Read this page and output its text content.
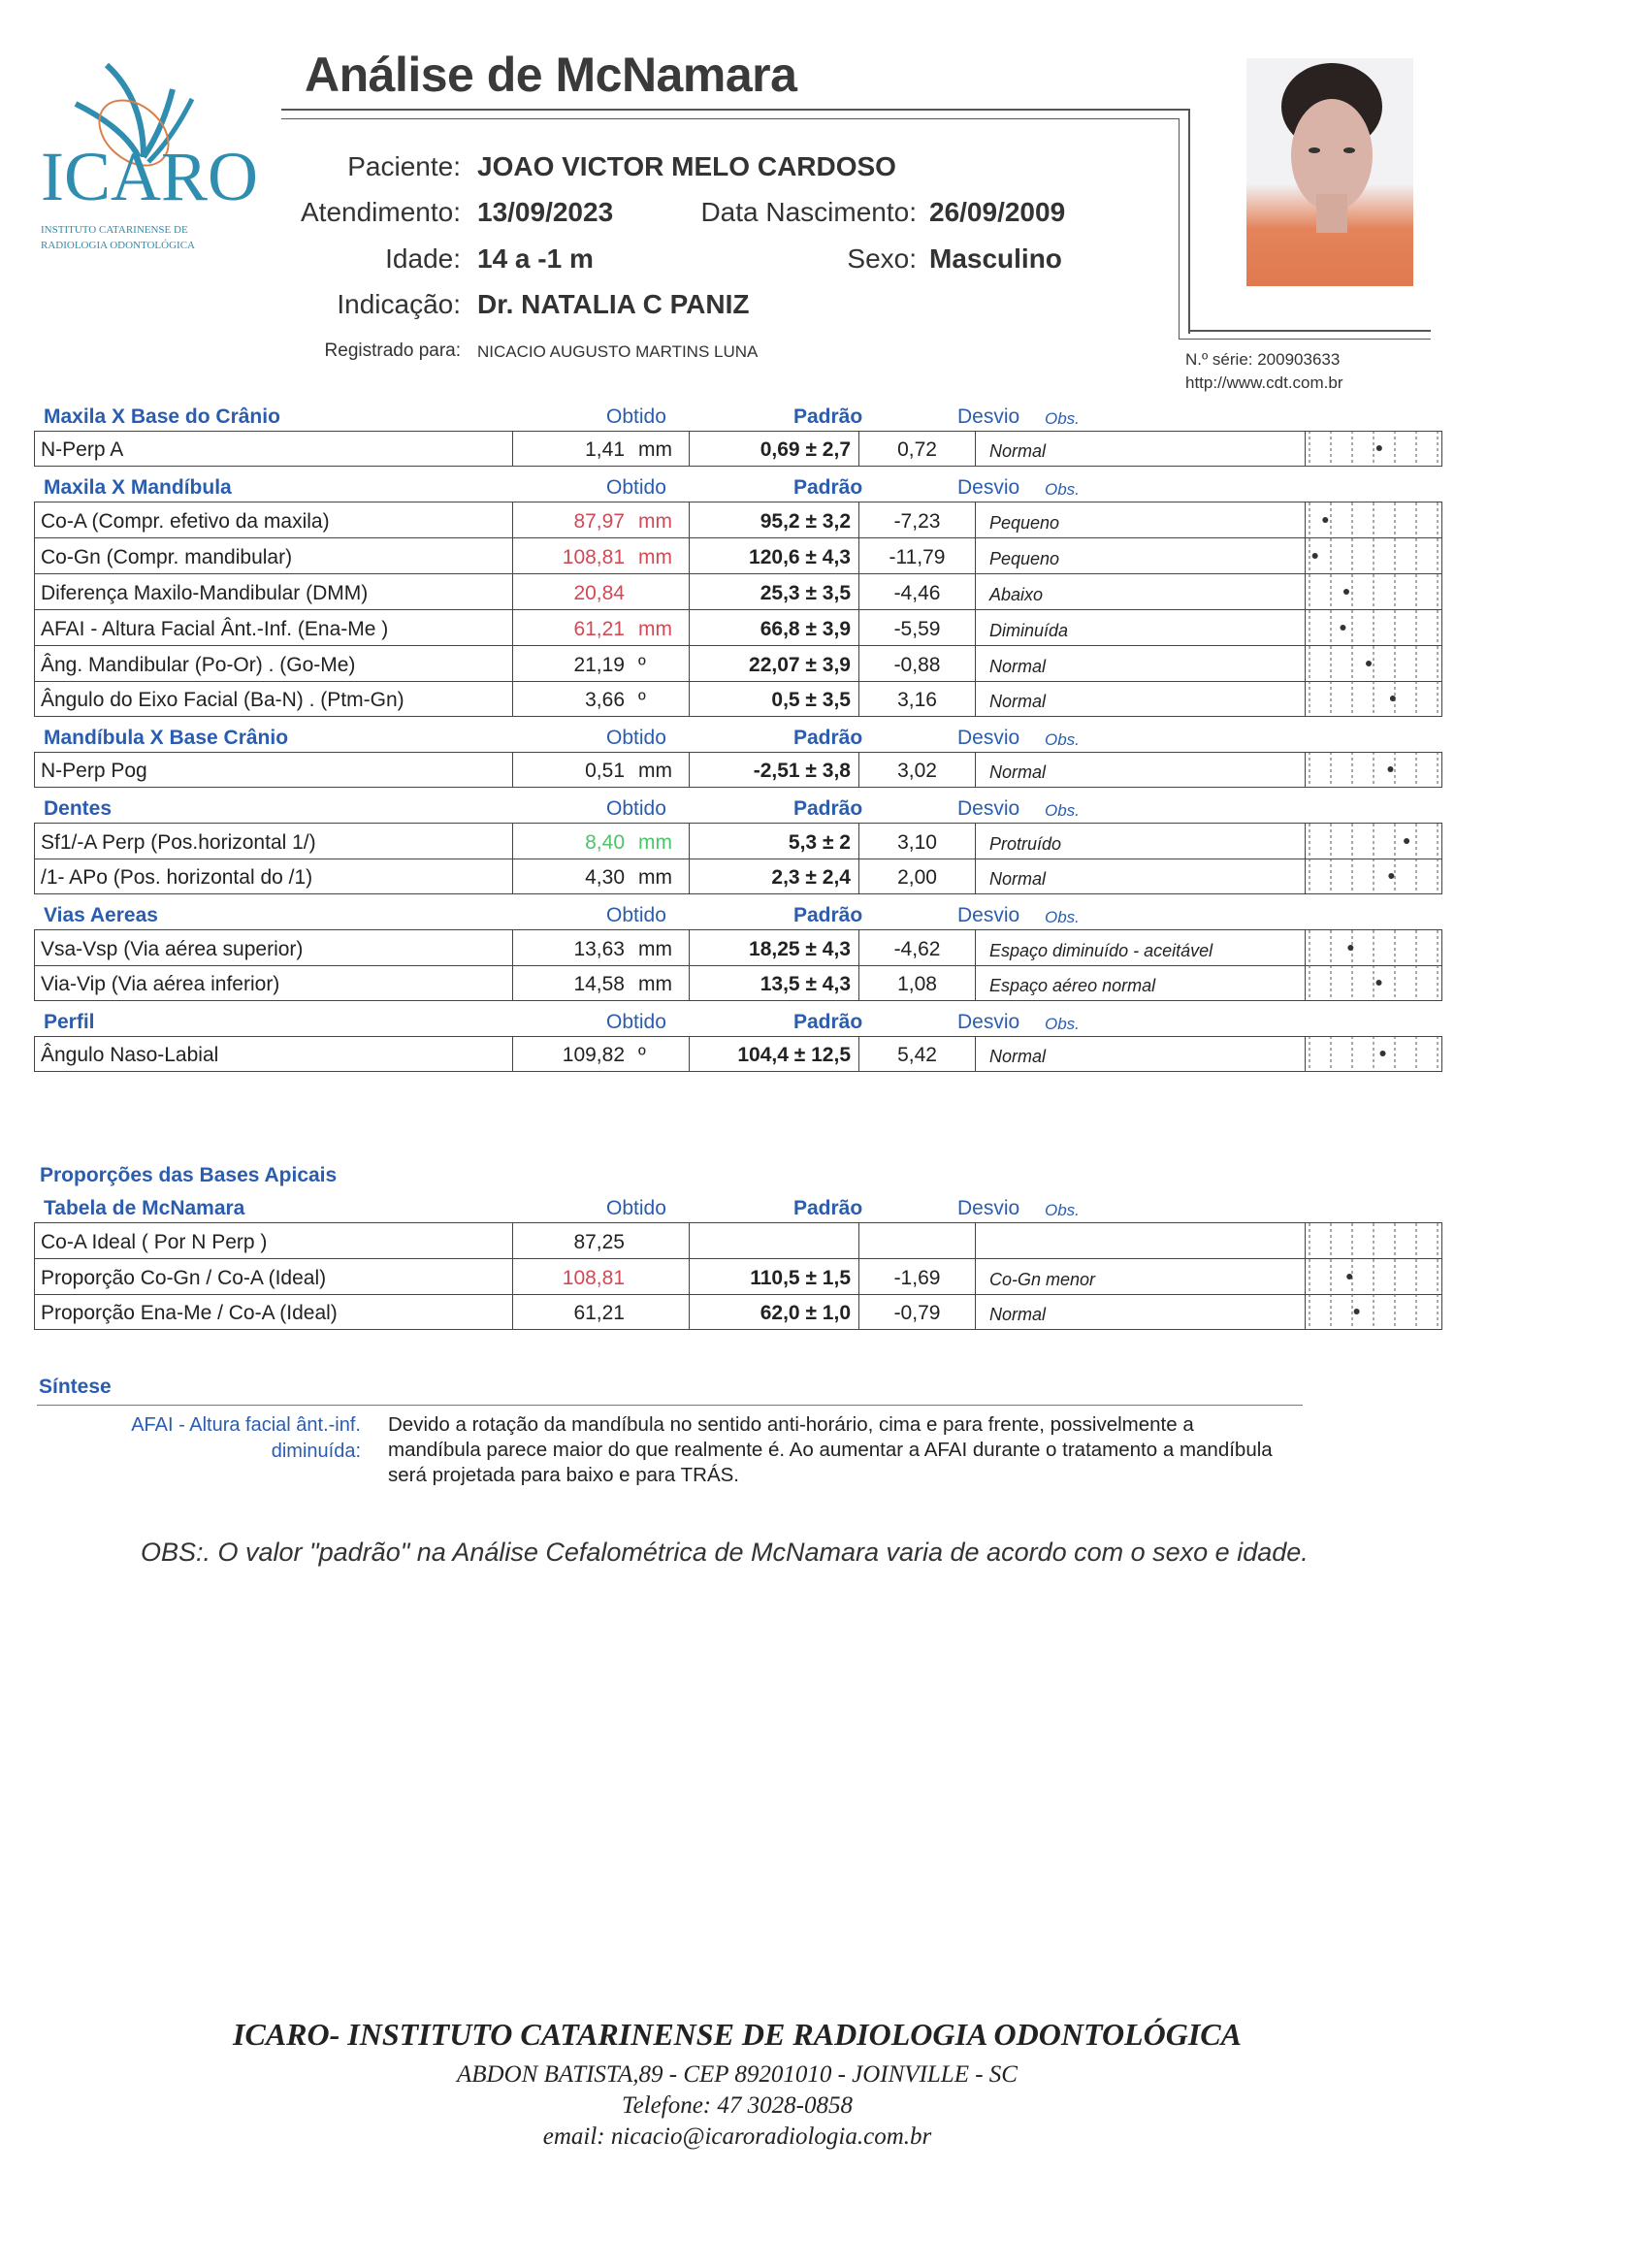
Análise de McNamara
ICARO
INSTITUTO CATARINENSE DE
RADIOLOGIA ODONTOLÓGICA
Paciente: JOAO VICTOR MELO CARDOSO
Atendimento: 13/09/2023	Data Nascimento: 26/09/2009
Idade: 14 a -1 m	Sexo: Masculino
Indicação: Dr. NATALIA C PANIZ
Registrado para: NICACIO AUGUSTO MARTINS LUNA	N.º série: 200903633
http://www.cdt.com.br
Maxila X Base do Crânio	Obtido	Padrão	Desvio Obs.
N-Perp A	1,41 mm	0,69 ± 2,7	0,72	Normal
Maxila X Mandíbula	Obtido	Padrão	Desvio Obs.
Co-A (Compr. efetivo da maxila)	87,97 mm	95,2 ± 3,2	-7,23	Pequeno
Co-Gn (Compr. mandibular)	108,81 mm	120,6 ± 4,3	-11,79	Pequeno
Diferença Maxilo-Mandibular (DMM)	20,84	25,3 ± 3,5	-4,46	Abaixo
AFAI - Altura Facial Ânt.-Inf. (Ena-Me )	61,21 mm	66,8 ± 3,9	-5,59	Diminuída
Âng. Mandibular (Po-Or) . (Go-Me)	21,19 º	22,07 ± 3,9	-0,88	Normal
Ângulo do Eixo Facial (Ba-N) . (Ptm-Gn)	3,66 º	0,5 ± 3,5	3,16	Normal
Mandíbula X Base Crânio	Obtido	Padrão	Desvio Obs.
N-Perp Pog	0,51 mm	-2,51 ± 3,8	3,02	Normal
Dentes	Obtido	Padrão	Desvio Obs.
Sf1/-A Perp (Pos.horizontal 1/)	8,40 mm	5,3 ± 2	3,10	Protruído
/1- APo (Pos. horizontal do /1)	4,30 mm	2,3 ± 2,4	2,00	Normal
Vias Aereas	Obtido	Padrão	Desvio Obs.
Vsa-Vsp (Via aérea superior)	13,63 mm	18,25 ± 4,3	-4,62	Espaço diminuído - aceitável
Via-Vip (Via aérea inferior)	14,58 mm	13,5 ± 4,3	1,08	Espaço aéreo normal
Perfil	Obtido	Padrão	Desvio Obs.
Ângulo Naso-Labial	109,82 º	104,4 ± 12,5	5,42	Normal
Proporções das Bases Apicais
Tabela de McNamara	Obtido	Padrão	Desvio Obs.
Co-A Ideal ( Por N Perp )	87,25
Proporção Co-Gn / Co-A (Ideal)	108,81	110,5 ± 1,5	-1,69	Co-Gn menor
Proporção Ena-Me / Co-A (Ideal)	61,21	62,0 ± 1,0	-0,79	Normal
Síntese
AFAI - Altura facial ânt.-inf. diminuída:
Devido a rotação da mandíbula no sentido anti-horário, cima e para frente, possivelmente a mandíbula parece maior do que realmente é. Ao aumentar a AFAI durante o tratamento a mandíbula será projetada para baixo e para TRÁS.
OBS:. O valor "padrão" na Análise Cefalométrica de McNamara varia de acordo com o sexo e idade.
ICARO- INSTITUTO CATARINENSE DE RADIOLOGIA ODONTOLÓGICA
ABDON BATISTA,89 - CEP 89201010 - JOINVILLE - SC
Telefone: 47 3028-0858
email: nicacio@icaroradiologia.com.br
